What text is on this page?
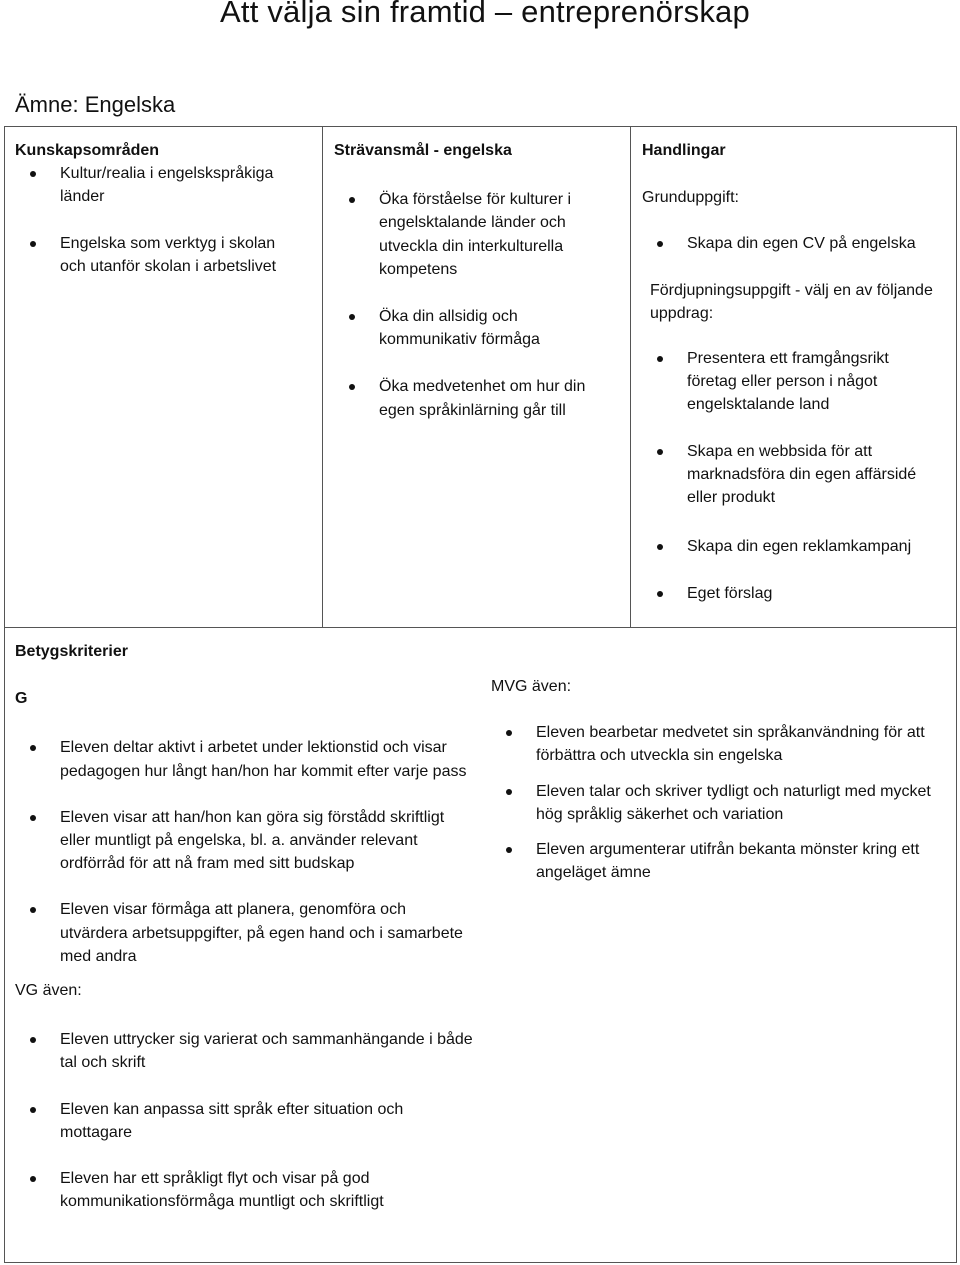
Att välja sin framtid – entreprenörskap
Ämne: Engelska
Kunskapsområden
Kultur/realia i engelskspråkiga länder
Engelska som verktyg i skolan och utanför skolan i arbetslivet
Strävansmål - engelska
Öka förståelse för kulturer i engelsktalande länder och utveckla din interkulturella kompetens
Öka din allsidig och kommunikativ förmåga
Öka medvetenhet om hur din egen språkinlärning går till
Handlingar
Grunduppgift:
Skapa din egen CV på engelska
Fördjupningsuppgift - välj en av följande uppdrag:
Presentera ett framgångsrikt företag eller person i något engelsktalande land
Skapa en webbsida för att marknadsföra din egen affärsidé eller produkt
Skapa din egen reklamkampanj
Eget förslag
Betygskriterier
G
Eleven deltar aktivt i arbetet under lektionstid och visar pedagogen hur långt han/hon har kommit efter varje pass
Eleven visar att han/hon kan göra sig förstådd skriftligt eller muntligt på engelska, bl. a. använder relevant ordförråd för att nå fram med sitt budskap
Eleven visar förmåga att planera, genomföra och utvärdera arbetsuppgifter, på egen hand och i samarbete med andra
VG även:
Eleven uttrycker sig varierat och sammanhängande i både tal och skrift
Eleven kan anpassa sitt språk efter situation och mottagare
Eleven har ett språkligt flyt och visar på god kommunikationsförmåga muntligt och skriftligt
MVG även:
Eleven bearbetar medvetet sin språkanvändning för att förbättra och utveckla sin engelska
Eleven talar och skriver tydligt och naturligt med mycket hög språklig säkerhet och variation
Eleven argumenterar utifrån bekanta mönster kring ett angeläget ämne
